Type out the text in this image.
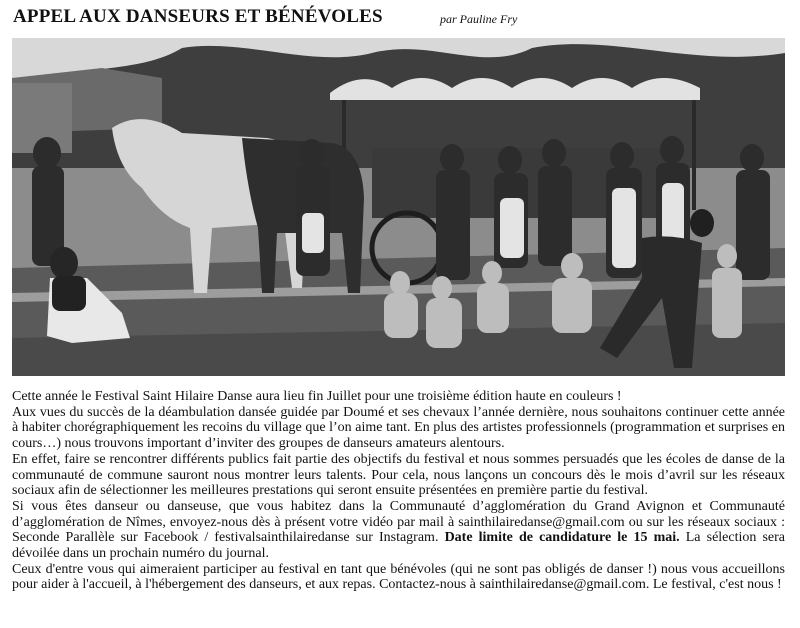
APPEL AUX DANSEURS ET BÉNÉVOLES	par Pauline Fry

Cette année le Festival Saint Hilaire Danse aura lieu fin Juillet pour une troisième édition haute en couleurs !

Aux vues du succès de la déambulation dansée guidée par Doumé et ses chevaux l’année dernière, nous souhaitons continuer cette année à habiter chorégraphiquement les recoins du village que l’on aime tant. En plus des artistes professionnels (programmation et surprises en cours…) nous trouvons important d’inviter des groupes de danseurs amateurs alentours.

En effet, faire se rencontrer différents publics fait partie des objectifs du festival et nous sommes persuadés que les écoles de danse de la communauté de commune sauront nous montrer leurs talents. Pour cela, nous lançons un concours dès le mois d’avril sur les réseaux sociaux afin de sélectionner les meilleures prestations qui seront ensuite présentées en première partie du festival.

Si vous êtes danseur ou danseuse, que vous habitez dans la Communauté d’agglomération du Grand Avignon et Communauté d’agglomération de Nîmes, envoyez-nous dès à présent votre vidéo par mail à sainthilairedanse@gmail.com ou sur les réseaux sociaux : Seconde Parallèle sur Facebook / festivalsainthilairedanse sur Instagram. Date limite de candidature le 15 mai. La sélection sera dévoilée dans un prochain numéro du journal.

Ceux d'entre vous qui aimeraient participer au festival en tant que bénévoles (qui ne sont pas obligés de danser !) nous vous accueillons pour aider à l'accueil, à l'hébergement des danseurs, et aux repas. Contactez-nous à sainthilairedanse@gmail.com. Le festival, c'est nous !
